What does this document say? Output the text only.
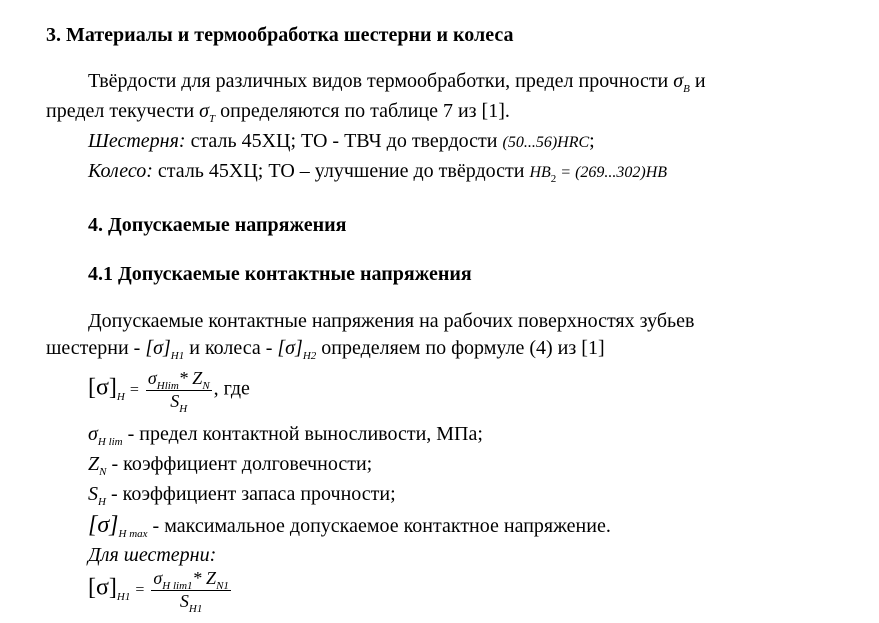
3. Материалы и термообработка шестерни и колеса
Твёрдости для различных видов термообработки, предел прочности $\sigma_B$ и
предел текучести $\sigma_T$ определяются по таблице 7 из [1].
Шестерня: сталь 45ХЦ; ТО - ТВЧ до твердости (50...56)HRC;
Колесо: сталь 45ХЦ; ТО – улучшение до твёрдости $HB_2 = (269...302)HB$
4. Допускаемые напряжения
4.1 Допускаемые контактные напряжения
Допускаемые контактные напряжения на рабочих поверхностях зубьев
шестерни - $[\sigma]_{H1}$ и колеса - $[\sigma]_{H2}$ определяем по формуле (4) из [1]
$[\sigma]_H = \frac{\sigma_{Hlim}* Z_N}{S_H}$ , где
$\sigma_{H lim}$ - предел контактной выносливости, МПа;
$Z_N$ - коэффициент долговечности;
$S_H$ - коэффициент запаса прочности;
$[\sigma]_{H max}$ - максимальное допускаемое контактное напряжение.
Для шестерни:
$[\sigma]_{H1} = \frac{\sigma_{H lim1}* Z_{N1}}{S_{H1}}$
